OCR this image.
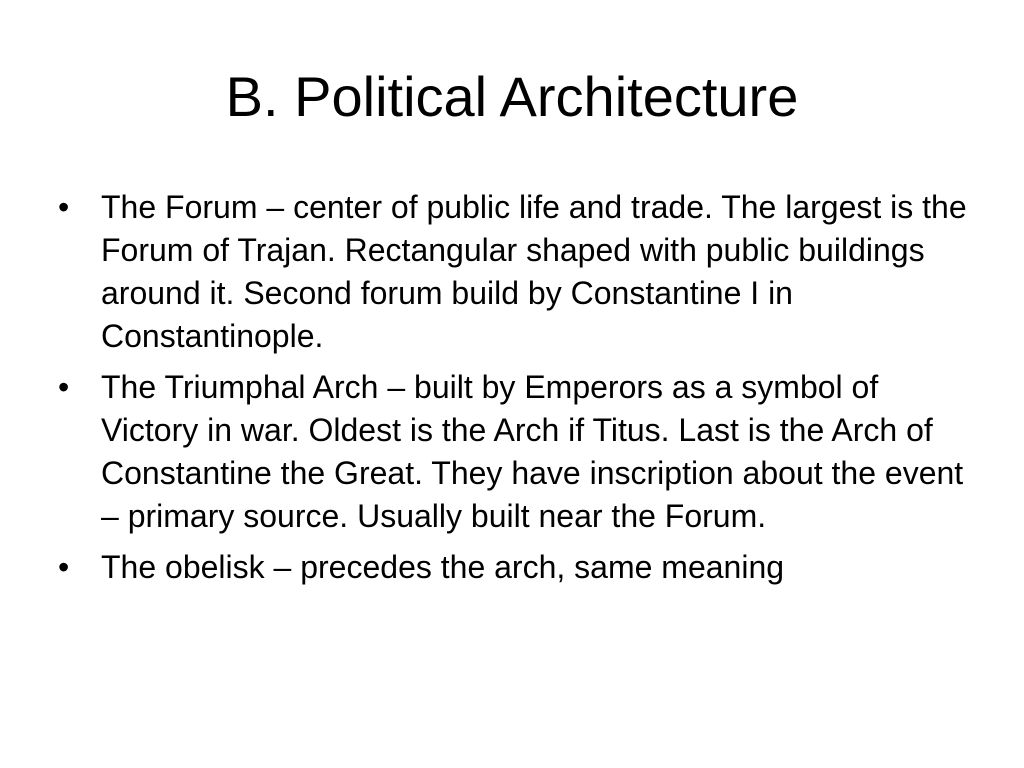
B. Political Architecture
• The Forum – center of public life and trade. The largest is the Forum of Trajan. Rectangular shaped with public buildings around it. Second forum build by Constantine I in Constantinople.
• The Triumphal Arch – built by Emperors as a symbol of Victory in war. Oldest is the Arch if Titus. Last is the Arch of Constantine the Great. They have inscription about the event – primary source. Usually built near the Forum.
• The obelisk – precedes the arch, same meaning
